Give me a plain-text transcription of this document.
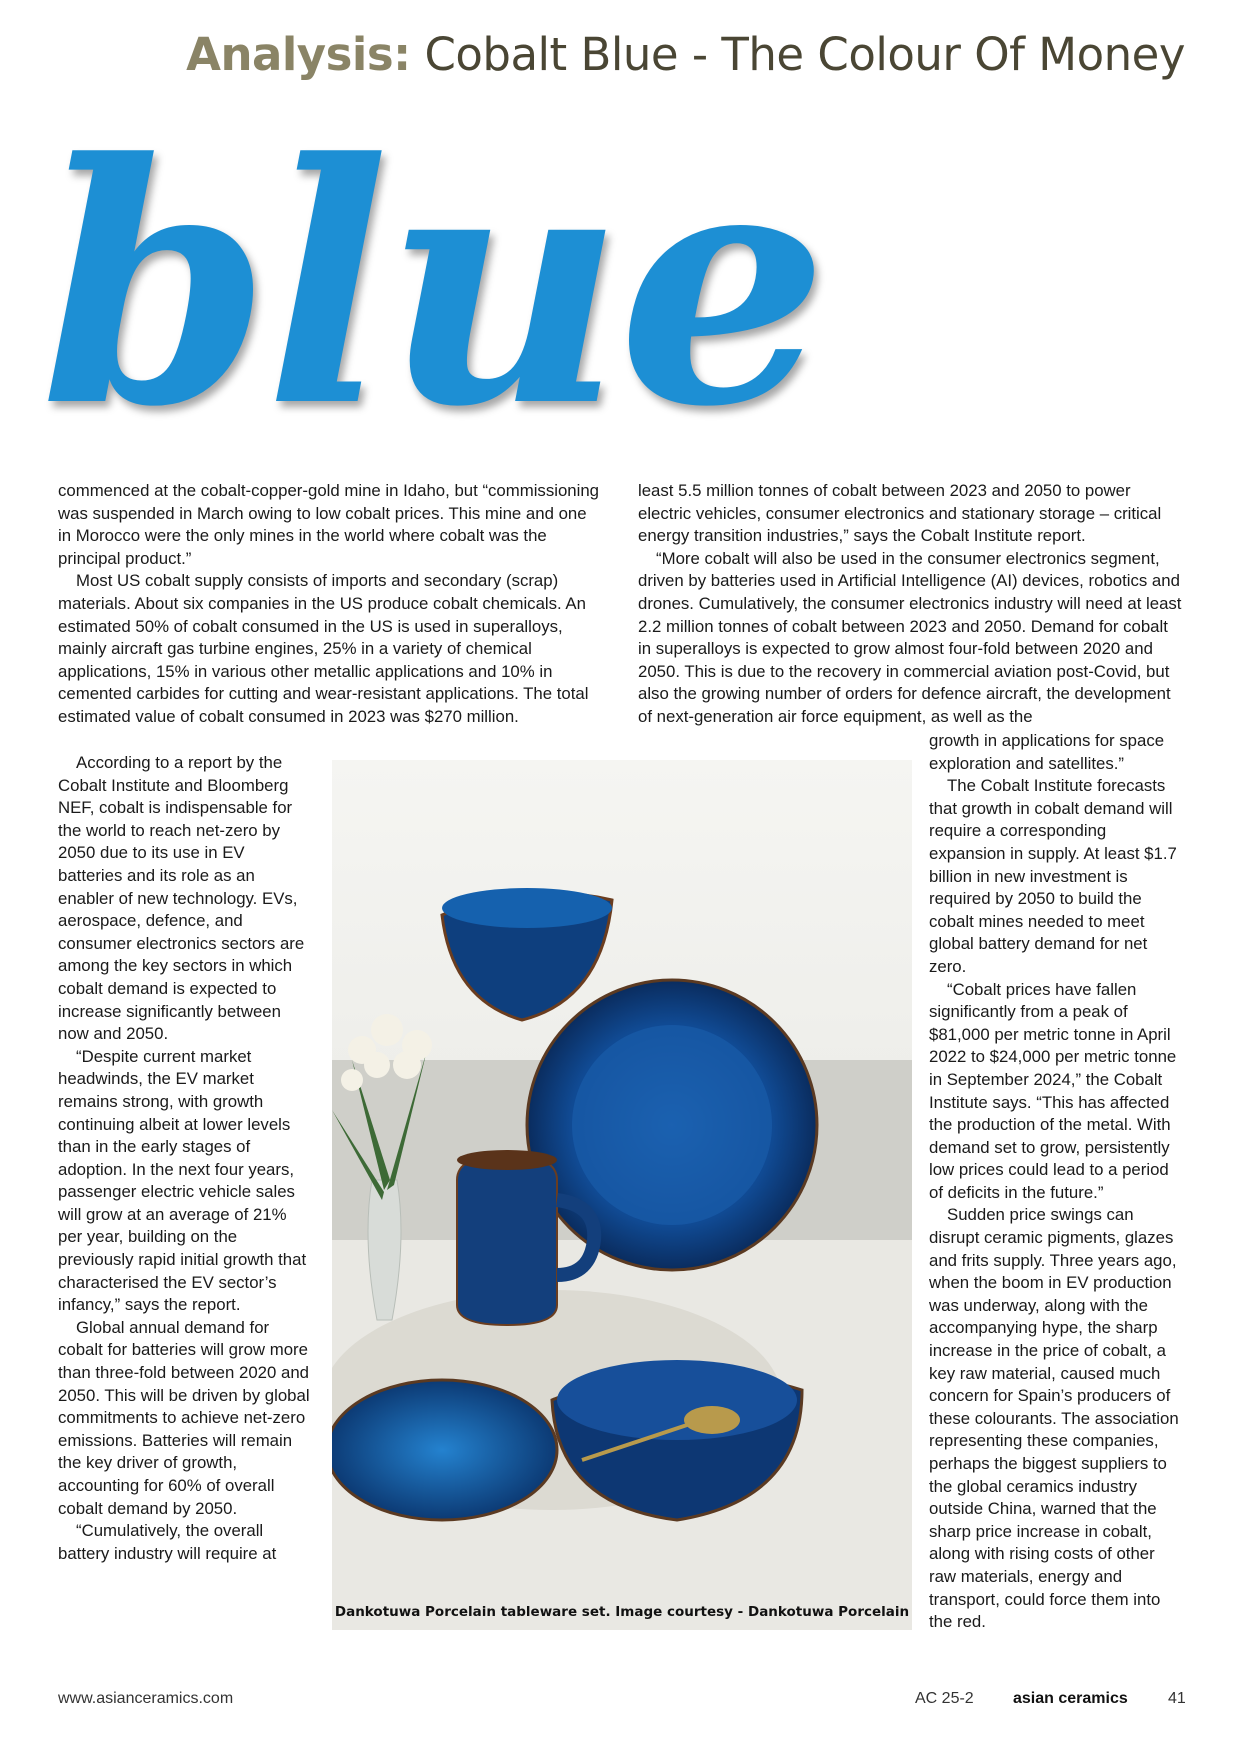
Analysis: Cobalt Blue - The Colour Of Money
blue

commenced at the cobalt-copper-gold mine in Idaho, but “commissioning was suspended in March owing to low cobalt prices. This mine and one in Morocco were the only mines in the world where cobalt was the principal product.”

Most US cobalt supply consists of imports and secondary (scrap) materials. About six companies in the US produce cobalt chemicals. An estimated 50% of cobalt consumed in the US is used in superalloys, mainly aircraft gas turbine engines, 25% in a variety of chemical applications, 15% in various other metallic applications and 10% in cemented carbides for cutting and wear-resistant applications. The total estimated value of cobalt consumed in 2023 was $270 million.

According to a report by the Cobalt Institute and Bloomberg NEF, cobalt is indispensable for the world to reach net-zero by 2050 due to its use in EV batteries and its role as an enabler of new technology. EVs, aerospace, defence, and consumer electronics sectors are among the key sectors in which cobalt demand is expected to increase significantly between now and 2050.

“Despite current market headwinds, the EV market remains strong, with growth continuing albeit at lower levels than in the early stages of adoption. In the next four years, passenger electric vehicle sales will grow at an average of 21% per year, building on the previously rapid initial growth that characterised the EV sector’s infancy,” says the report.

Global annual demand for cobalt for batteries will grow more than three-fold between 2020 and 2050. This will be driven by global commitments to achieve net-zero emissions. Batteries will remain the key driver of growth, accounting for 60% of overall cobalt demand by 2050.

“Cumulatively, the overall battery industry will require at

least 5.5 million tonnes of cobalt between 2023 and 2050 to power electric vehicles, consumer electronics and stationary storage – critical energy transition industries,” says the Cobalt Institute report.

“More cobalt will also be used in the consumer electronics segment, driven by batteries used in Artificial Intelligence (AI) devices, robotics and drones. Cumulatively, the consumer electronics industry will need at least 2.2 million tonnes of cobalt between 2023 and 2050. Demand for cobalt in superalloys is expected to grow almost four-fold between 2020 and 2050. This is due to the recovery in commercial aviation post-Covid, but also the growing number of orders for defence aircraft, the development of next-generation air force equipment, as well as the

growth in applications for space exploration and satellites.”

The Cobalt Institute forecasts that growth in cobalt demand will require a corresponding expansion in supply. At least $1.7 billion in new investment is required by 2050 to build the cobalt mines needed to meet global battery demand for net zero.

“Cobalt prices have fallen significantly from a peak of $81,000 per metric tonne in April 2022 to $24,000 per metric tonne in September 2024,” the Cobalt Institute says. “This has affected the production of the metal. With demand set to grow, persistently low prices could lead to a period of deficits in the future.”

Sudden price swings can disrupt ceramic pigments, glazes and frits supply. Three years ago, when the boom in EV production was underway, along with the accompanying hype, the sharp increase in the price of cobalt, a key raw material, caused much concern for Spain’s producers of these colourants. The association representing these companies, perhaps the biggest suppliers to the global ceramics industry outside China, warned that the sharp price increase in cobalt, along with rising costs of other raw materials, energy and transport, could force them into the red.

Dankotuwa Porcelain tableware set. Image courtesy - Dankotuwa Porcelain
www.asianceramics.com	AC 25-2 asian ceramics	41
